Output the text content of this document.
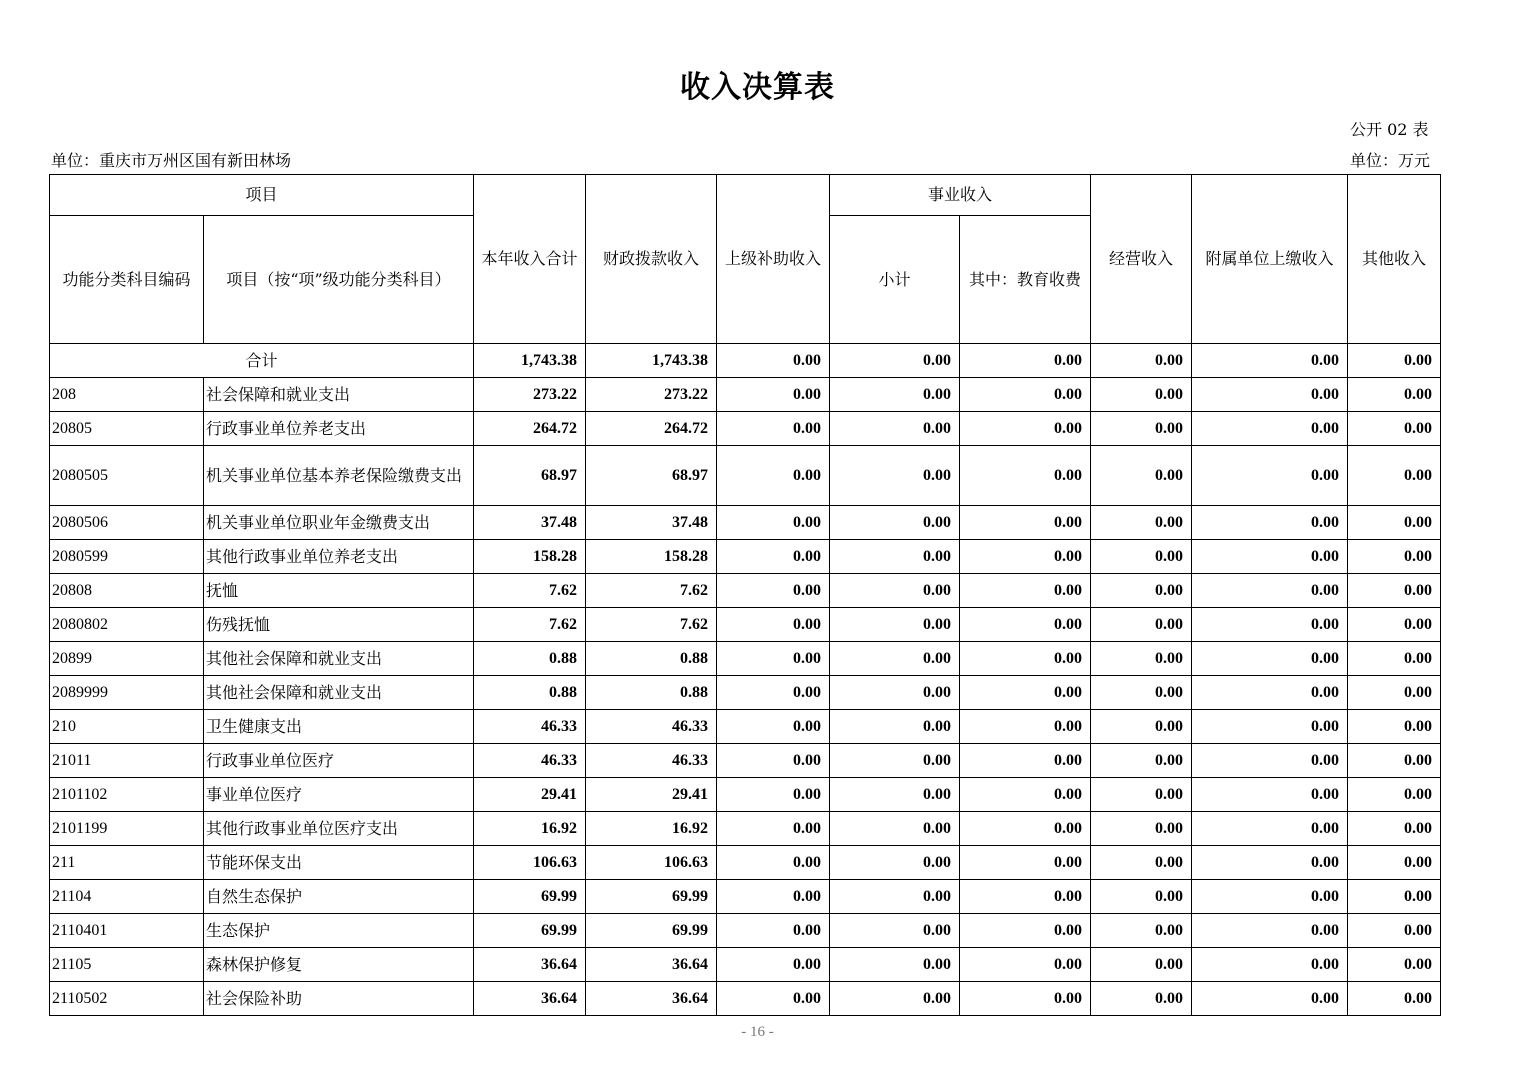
收入决算表
公开 02 表
单位：重庆市万州区国有新田林场	单位：万元
项目		本年收入合计	财政拨款收入	上级补助收入	事业收入		经营收入	附属单位上缴收入	其他收入
功能分类科目编码	项目（按“项”级功能分类科目）				小计	其中：教育收费			
合计		1,743.38	1,743.38	0.00	0.00	0.00	0.00	0.00	0.00
208	社会保障和就业支出	273.22	273.22	0.00	0.00	0.00	0.00	0.00	0.00
20805	行政事业单位养老支出	264.72	264.72	0.00	0.00	0.00	0.00	0.00	0.00
2080505	机关事业单位基本养老保险缴费支出	68.97	68.97	0.00	0.00	0.00	0.00	0.00	0.00
2080506	机关事业单位职业年金缴费支出	37.48	37.48	0.00	0.00	0.00	0.00	0.00	0.00
2080599	其他行政事业单位养老支出	158.28	158.28	0.00	0.00	0.00	0.00	0.00	0.00
20808	抚恤	7.62	7.62	0.00	0.00	0.00	0.00	0.00	0.00
2080802	伤残抚恤	7.62	7.62	0.00	0.00	0.00	0.00	0.00	0.00
20899	其他社会保障和就业支出	0.88	0.88	0.00	0.00	0.00	0.00	0.00	0.00
2089999	其他社会保障和就业支出	0.88	0.88	0.00	0.00	0.00	0.00	0.00	0.00
210	卫生健康支出	46.33	46.33	0.00	0.00	0.00	0.00	0.00	0.00
21011	行政事业单位医疗	46.33	46.33	0.00	0.00	0.00	0.00	0.00	0.00
2101102	事业单位医疗	29.41	29.41	0.00	0.00	0.00	0.00	0.00	0.00
2101199	其他行政事业单位医疗支出	16.92	16.92	0.00	0.00	0.00	0.00	0.00	0.00
211	节能环保支出	106.63	106.63	0.00	0.00	0.00	0.00	0.00	0.00
21104	自然生态保护	69.99	69.99	0.00	0.00	0.00	0.00	0.00	0.00
2110401	生态保护	69.99	69.99	0.00	0.00	0.00	0.00	0.00	0.00
21105	森林保护修复	36.64	36.64	0.00	0.00	0.00	0.00	0.00	0.00
2110502	社会保险补助	36.64	36.64	0.00	0.00	0.00	0.00	0.00	0.00
- 16 -
